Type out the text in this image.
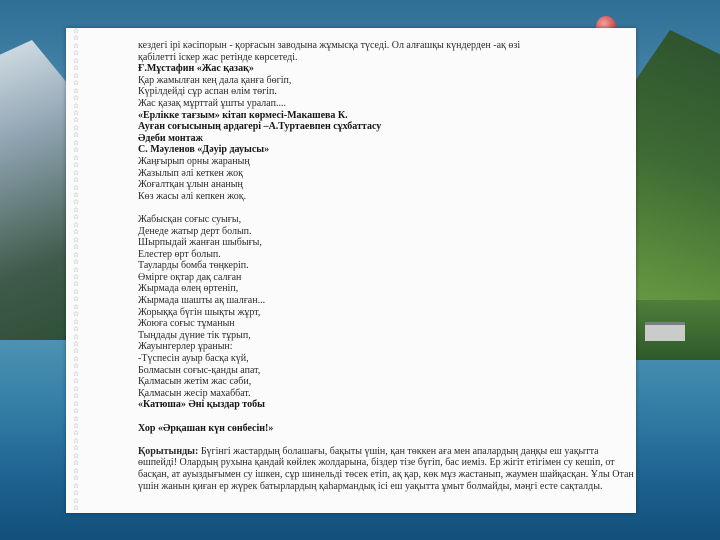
☆
☆
☆
☆
☆
☆
☆
☆
☆
☆
☆
☆
☆
☆
☆
☆
☆
☆
☆
☆
☆
☆
☆
☆
☆
☆
☆
☆
☆
☆
☆
☆
☆
☆
☆
☆
☆
☆
☆
☆
☆
☆
☆
☆
☆
☆
☆
☆
☆
☆
☆
☆
☆
☆
☆
☆
☆
☆
☆
☆
☆
☆
☆
☆
☆
кездегі ірі кәсіпорын - қорғасын заводына жұмысқа түседі. Ол алғашқы күндерден -ақ өзі
қабілетті іскер жас ретінде көрсетеді.
Ғ.Мұстафин «Жас қазақ»
Қар жамылған кең дала қанға бөгіп,
Күрілдейді сұр аспан өлім төгіп.
Жас қазақ мұрттай ұшты уралап....
«Ерлікке тағзым» кітап көрмесі-Макашева К.
Ауған соғысының ардагері –А.Туртаевпен сұхбаттасу
Әдеби монтаж
С. Мәуленов «Дәуір дауысы»
Жаңғырып орны жараның
Жазылып әлі кеткен жоқ
Жоғалтқан ұлын ананың
Көз жасы әлі кепкен жоқ.
Жабысқан соғыс суығы,
Денеде жатыр дерт болып.
Шырпыдай жанған шыбығы,
Елестер өрт болып.
Тауларды бомба төңкеріп.
Өмірге оқтар дақ салған
Жырмада өлең өртеніп,
Жырмада шашты ақ шалған...
Жорыққа бүгін шықты жұрт,
Жоюға соғыс тұманын
Тыңдады дүние тік тұрып,
Жауынгерлер ұранын:
-Түспесін ауыр басқа күй,
Болмасын соғыс-қанды апат,
Қалмасын жетім жас сәби,
Қалмасын жесір махаббат.
«Катюша» Әні қыздар тобы
Хор «Әрқашан күн сөнбесін!»
Қорытынды: Бүгінгі жастардың болашағы, бақыты үшін, қан төккен аға мен апалардың даңқы еш уақытта өшпейді! Олардың рухына қандай көйлек жолдарына, біздер тізе бүгіп, бас иеміз. Ер жігіт етігімен су кешіп, от басқан, ат ауыздығымен су ішкен, сұр шинельді төсек етіп, ақ қар, көк мұз жастанып, жаумен шайқасқан. Ұлы Отан үшін жанын қиған ер жүрек батырлардың қаһармандық ісі еш уақытта ұмыт болмайды, мәңгі есте сақталды.
